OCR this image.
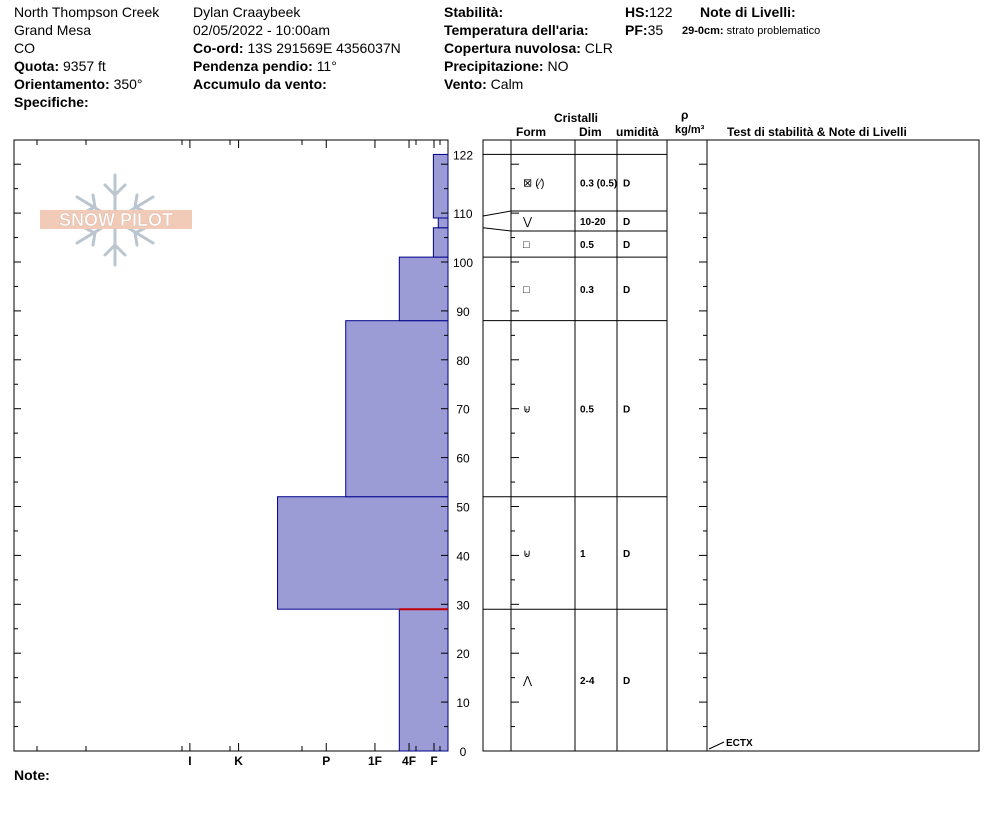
North Thompson Creek
Grand Mesa
CO
Quota: 9357 ft
Orientamento: 350°
Specifiche:
Dylan Craaybeek
02/05/2022 - 10:00am
Co-ord: 13S 291569E 4356037N
Pendenza pendio: 11°
Accumulo da vento:
Stabilità:
Temperatura dell'aria:
Copertura nuvolosa: CLR
Precipitazione: NO
Vento: Calm
HS:122
PF:35
Note di Livelli:
29-0cm: strato problematico
Cristalli
Form	Dim umidità
ρ
kg/m³ Test di stabilità & Note di Livelli
Note:
SNOW PILOT
I	K	P	1F 4F F
0
10
20
30
40
50
60
70
80
90
100
110
122
⊠ (⁄)	0.3 (0.5) D
⋁	10-20 D
□	0.5	D
□	0.3	D
⊌	0.5	D
⊌	1	D
⋀	2-4	D
ECTX
